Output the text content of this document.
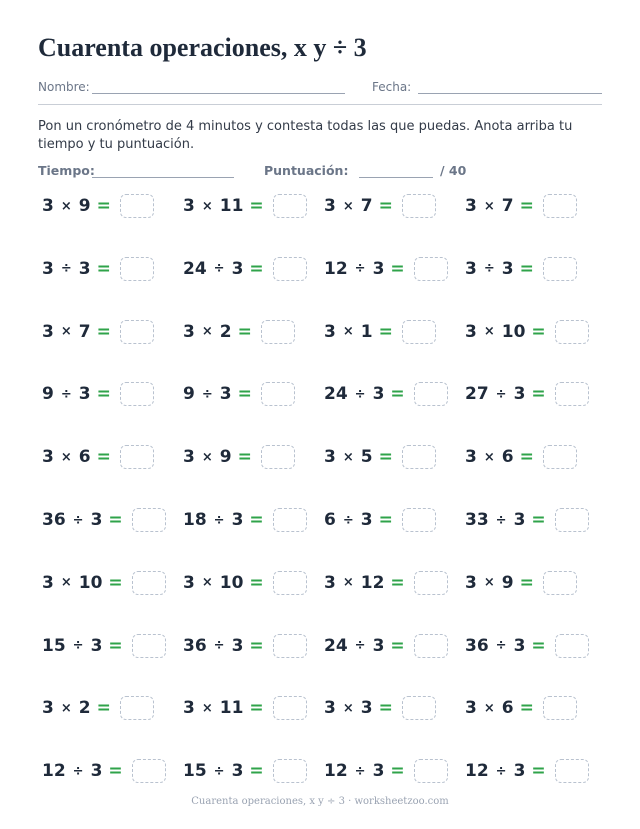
Cuarenta operaciones, x y ÷ 3
Nombre:	Fecha:

Pon un cronómetro de 4 minutos y contesta todas las que puedas. Anota arriba tu tiempo y tu puntuación.

Tiempo:	Puntuación:	/ 40
3 × 9 =	3 × 11 =	3 × 7 =	3 × 7 =
3 ÷ 3 =	24 ÷ 3 =	12 ÷ 3 =	3 ÷ 3 =
3 × 7 =	3 × 2 =	3 × 1 =	3 × 10 =
9 ÷ 3 =	9 ÷ 3 =	24 ÷ 3 =	27 ÷ 3 =
3 × 6 =	3 × 9 =	3 × 5 =	3 × 6 =
36 ÷ 3 =	18 ÷ 3 =	6 ÷ 3 =	33 ÷ 3 =
3 × 10 =	3 × 10 =	3 × 12 =	3 × 9 =
15 ÷ 3 =	36 ÷ 3 =	24 ÷ 3 =	36 ÷ 3 =
3 × 2 =	3 × 11 =	3 × 3 =	3 × 6 =
12 ÷ 3 =	15 ÷ 3 =	12 ÷ 3 =	12 ÷ 3 =

Cuarenta operaciones, x y ÷ 3 · worksheetzoo.com
